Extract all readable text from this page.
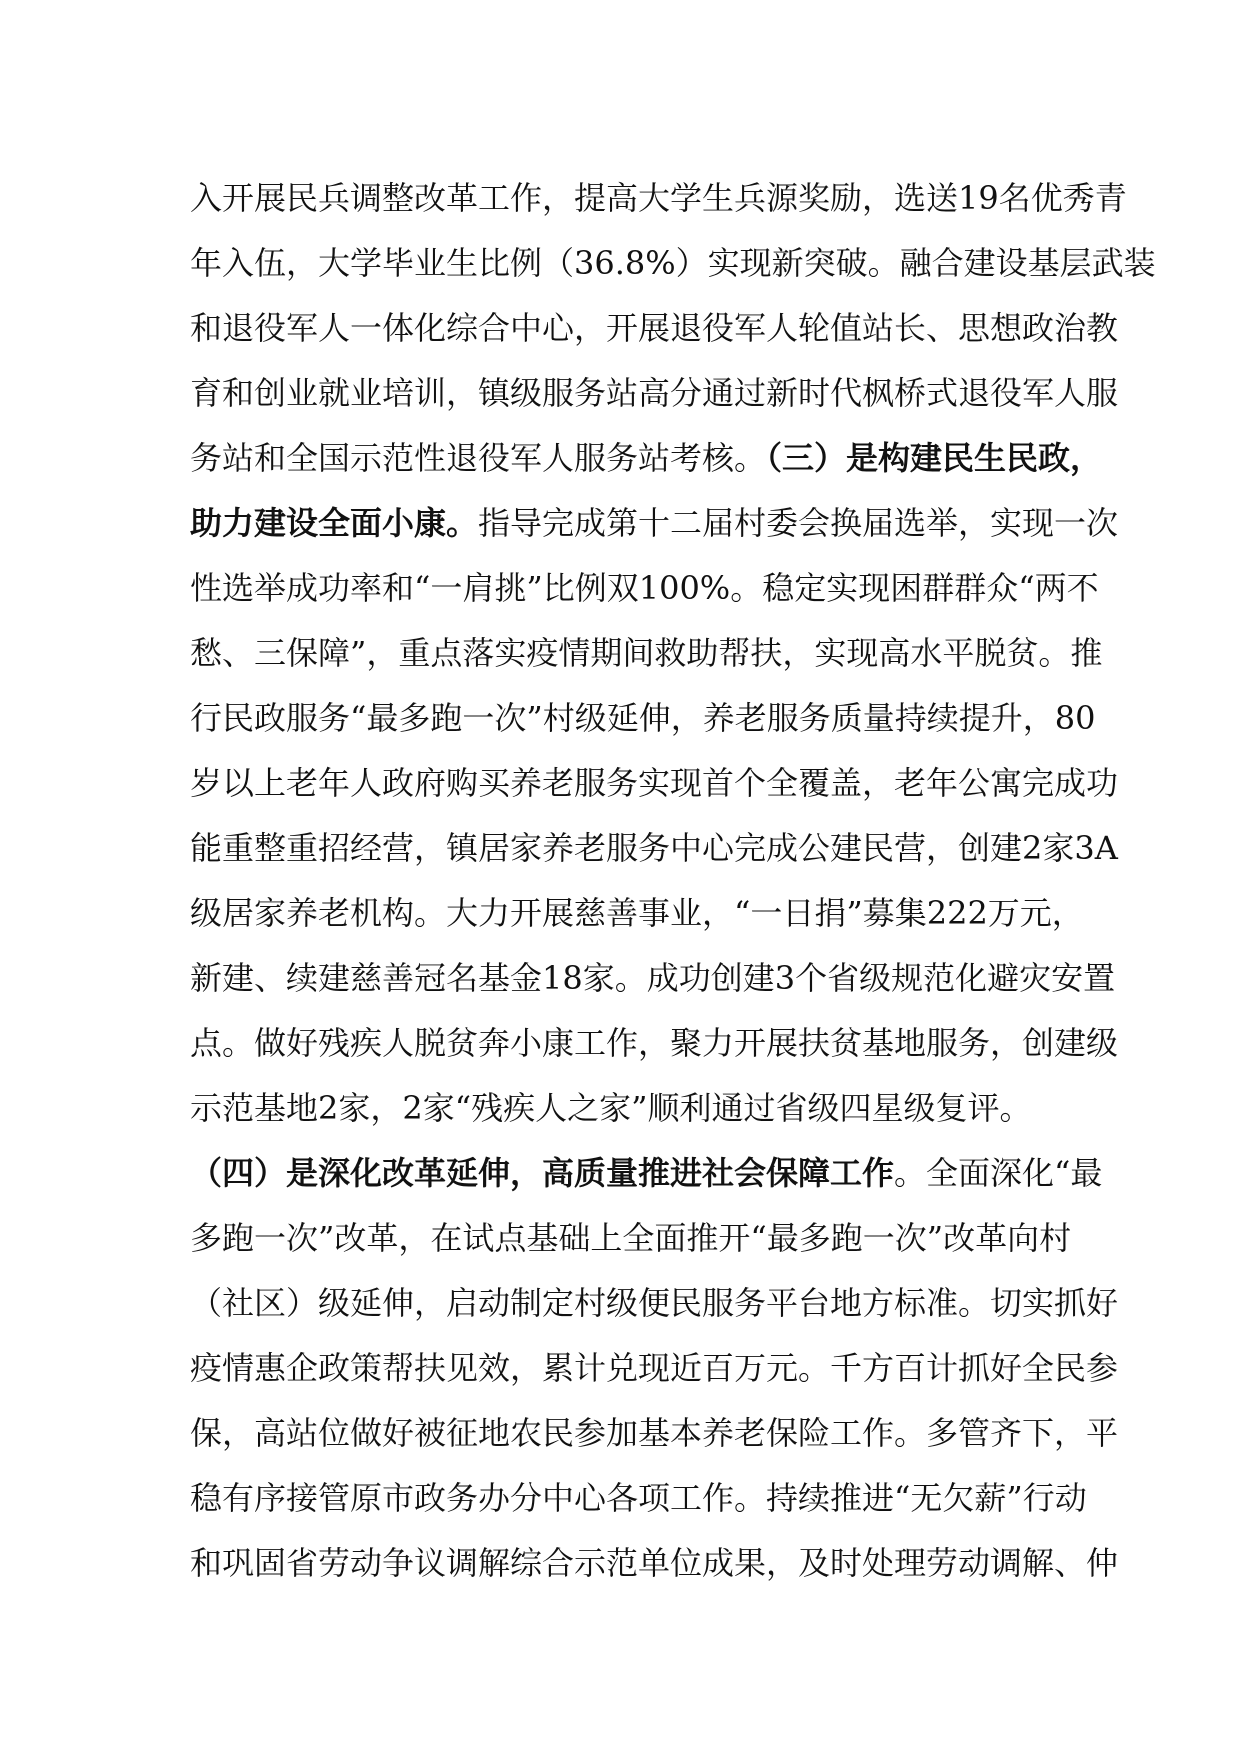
入开展民兵调整改革工作，提高大学生兵源奖励，选送19名优秀青
年入伍，大学毕业生比例（36.8%）实现新突破。融合建设基层武装
和退役军人一体化综合中心，开展退役军人轮值站长、思想政治教
育和创业就业培训，镇级服务站高分通过新时代枫桥式退役军人服
务站和全国示范性退役军人服务站考核。（三）是构建民生民政，
助力建设全面小康。指导完成第十二届村委会换届选举，实现一次
性选举成功率和“一肩挑”比例双100%。稳定实现困群群众“两不
愁、三保障”，重点落实疫情期间救助帮扶，实现高水平脱贫。推
行民政服务“最多跑一次”村级延伸，养老服务质量持续提升，80
岁以上老年人政府购买养老服务实现首个全覆盖，老年公寓完成功
能重整重招经营，镇居家养老服务中心完成公建民营，创建2家3A
级居家养老机构。大力开展慈善事业，“一日捐”募集222万元，
新建、续建慈善冠名基金18家。成功创建3个省级规范化避灾安置
点。做好残疾人脱贫奔小康工作，聚力开展扶贫基地服务，创建级
示范基地2家，2家“残疾人之家”顺利通过省级四星级复评。
（四）是深化改革延伸，高质量推进社会保障工作。全面深化“最
多跑一次”改革，在试点基础上全面推开“最多跑一次”改革向村
（社区）级延伸，启动制定村级便民服务平台地方标准。切实抓好
疫情惠企政策帮扶见效，累计兑现近百万元。千方百计抓好全民参
保，高站位做好被征地农民参加基本养老保险工作。多管齐下，平
稳有序接管原市政务办分中心各项工作。持续推进“无欠薪”行动
和巩固省劳动争议调解综合示范单位成果，及时处理劳动调解、仲
